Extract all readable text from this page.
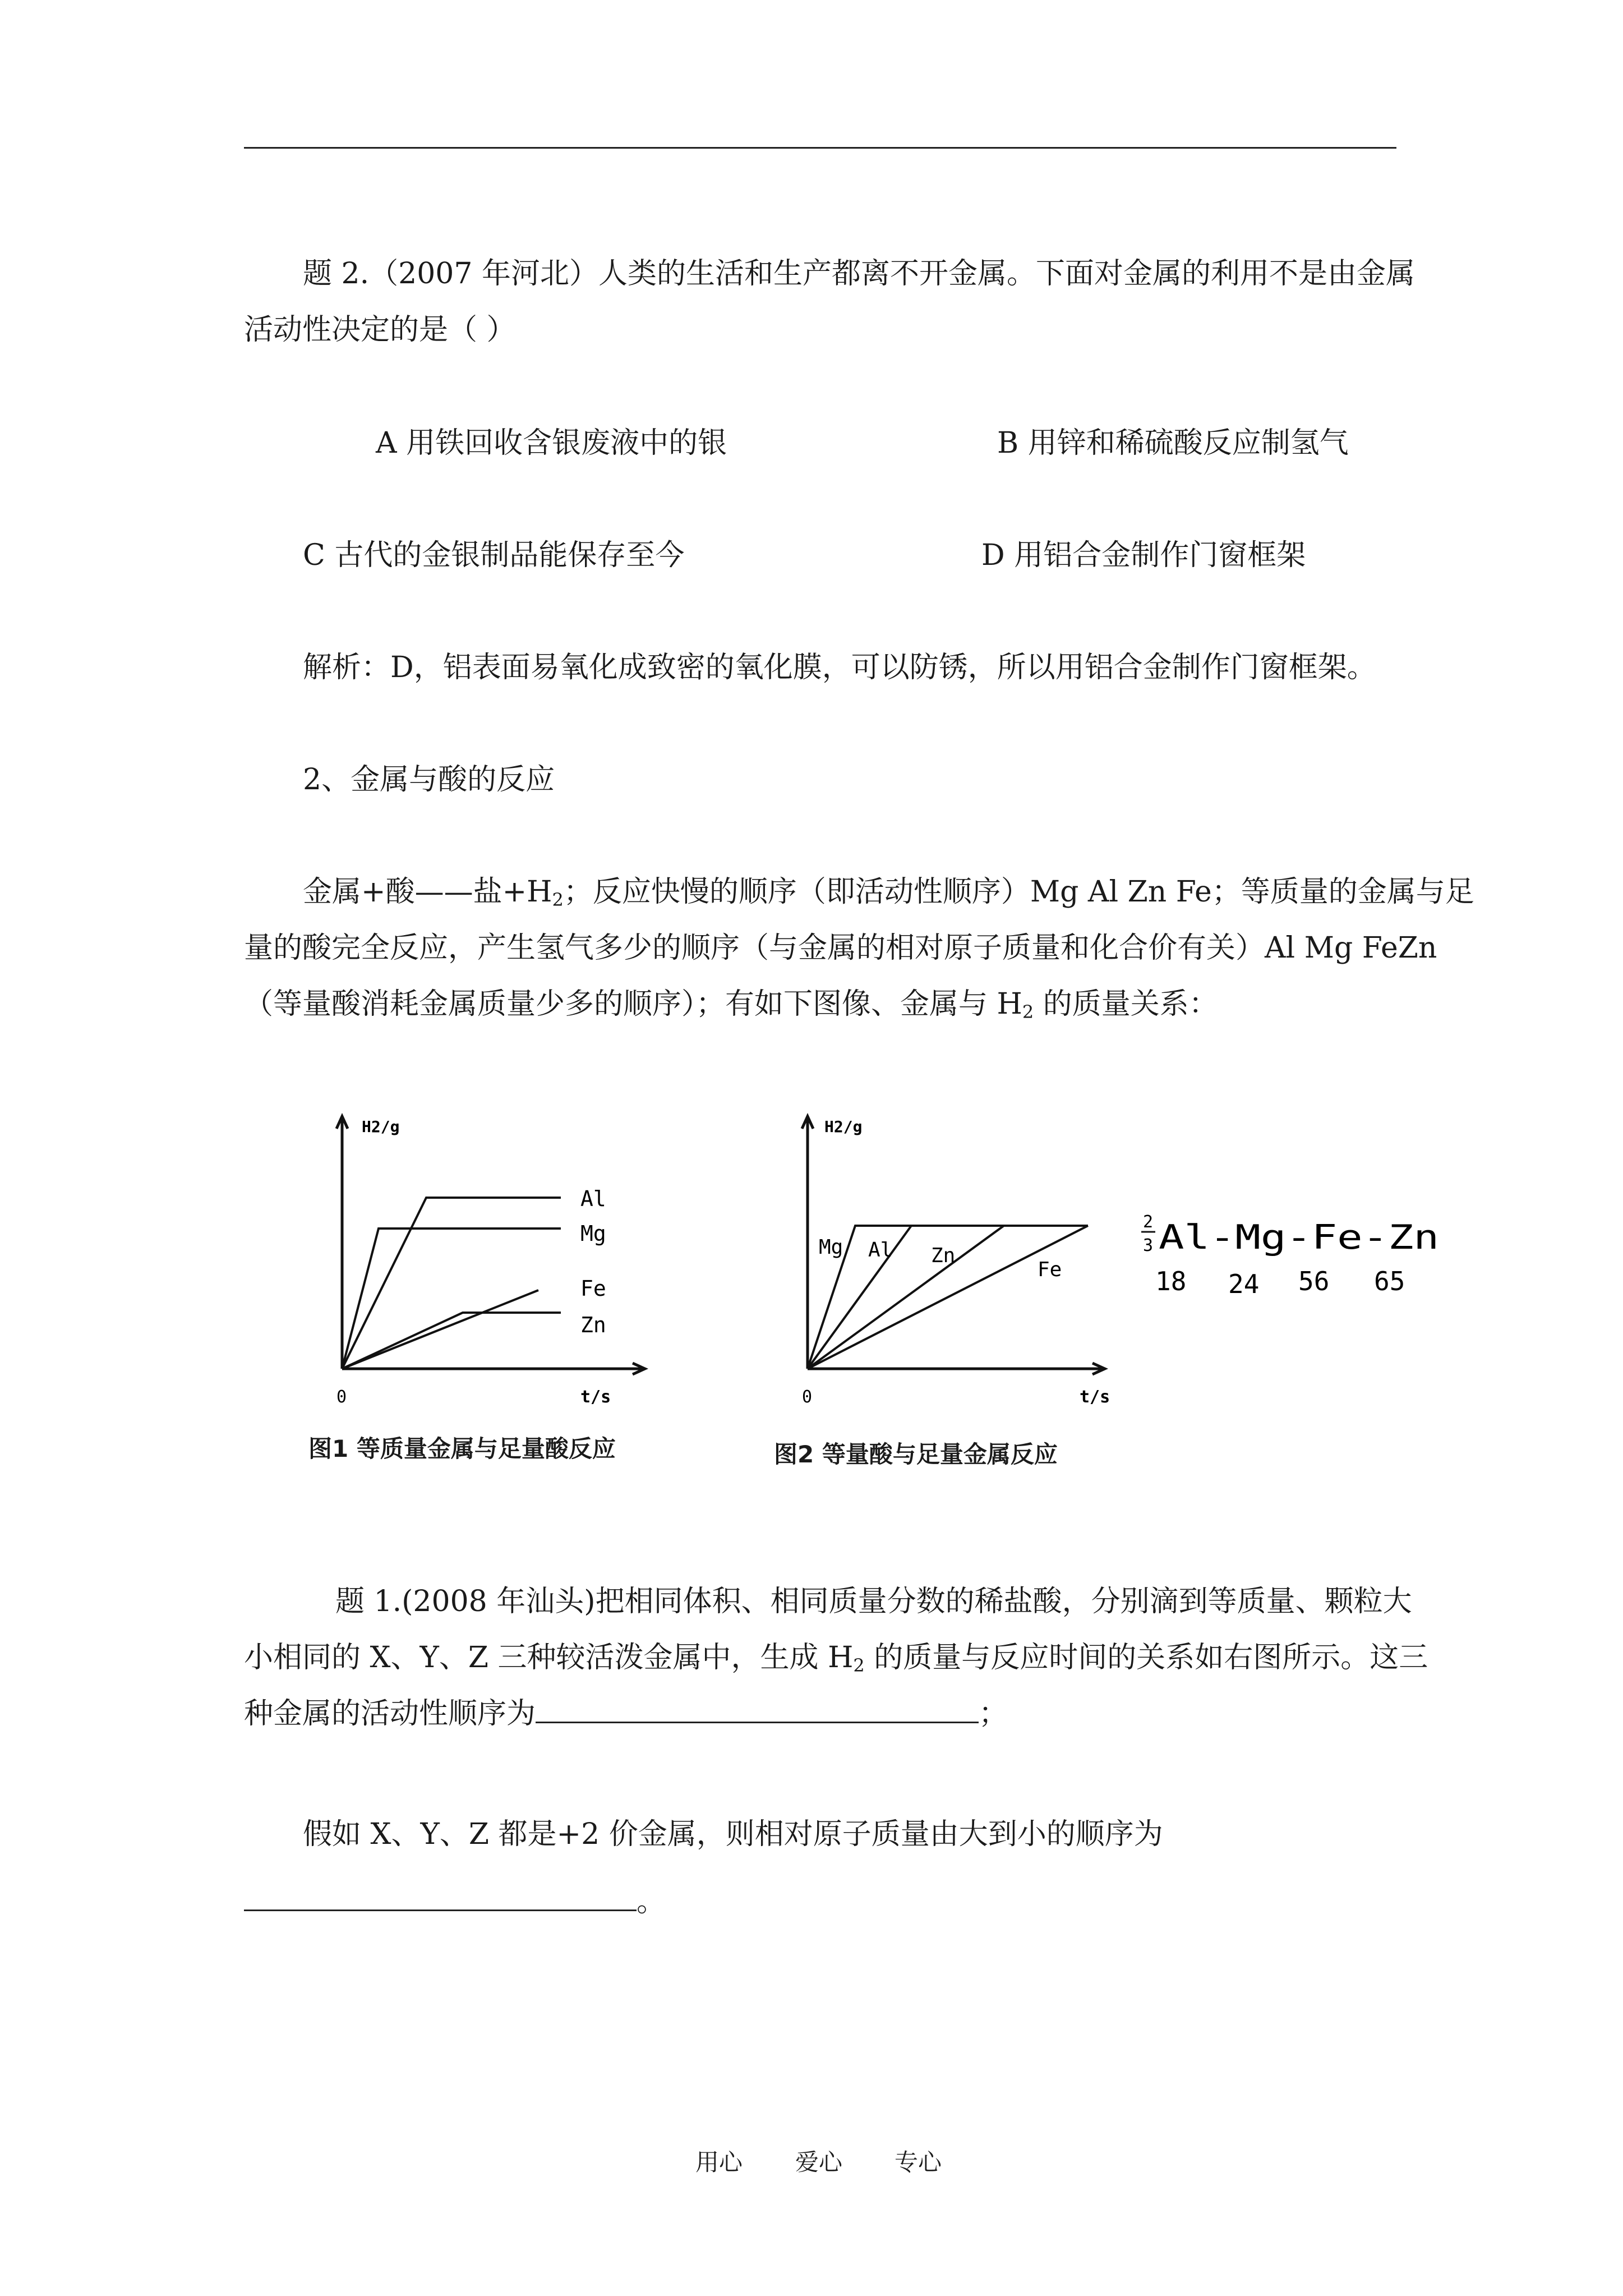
题 2.（2007 年河北）人类的生活和生产都离不开金属。下面对金属的利用不是由金属
活动性决定的是（ ）
A 用铁回收含银废液中的银	B 用锌和稀硫酸反应制氢气
C 古代的金银制品能保存至今	D 用铝合金制作门窗框架
解析：D，铝表面易氧化成致密的氧化膜，可以防锈，所以用铝合金制作门窗框架。
2、金属与酸的反应
金属+酸——盐$+H_2$；反应快慢的顺序（即活动性顺序）Mg Al Zn Fe；等质量的金属与足
量的酸完全反应，产生氢气多少的顺序（与金属的相对原子质量和化合价有关）Al Mg FeZn
（等量酸消耗金属质量少多的顺序）；有如下图像、金属与 $H_2$ 的质量关系：
H2/g
t/s
0
Al
Mg
Fe
Zn
图1 等质量金属与足量酸反应
H2/g
t/s
0
Mg Al Zn
Fe
图2 等量酸与足量金属反应
2
3 Al-Mg-Fe-Zn
18 24 56 65
题 1.(2008 年汕头)把相同体积、相同质量分数的稀盐酸，分别滴到等质量、颗粒大
小相同的 X、Y、Z 三种较活泼金属中，生成 $H_2$ 的质量与反应时间的关系如右图所示。这三
种金属的活动性顺序为	；
假如 X、Y、Z 都是+2 价金属，则相对原子质量由大到小的顺序为
。
用心 爱心 专心
